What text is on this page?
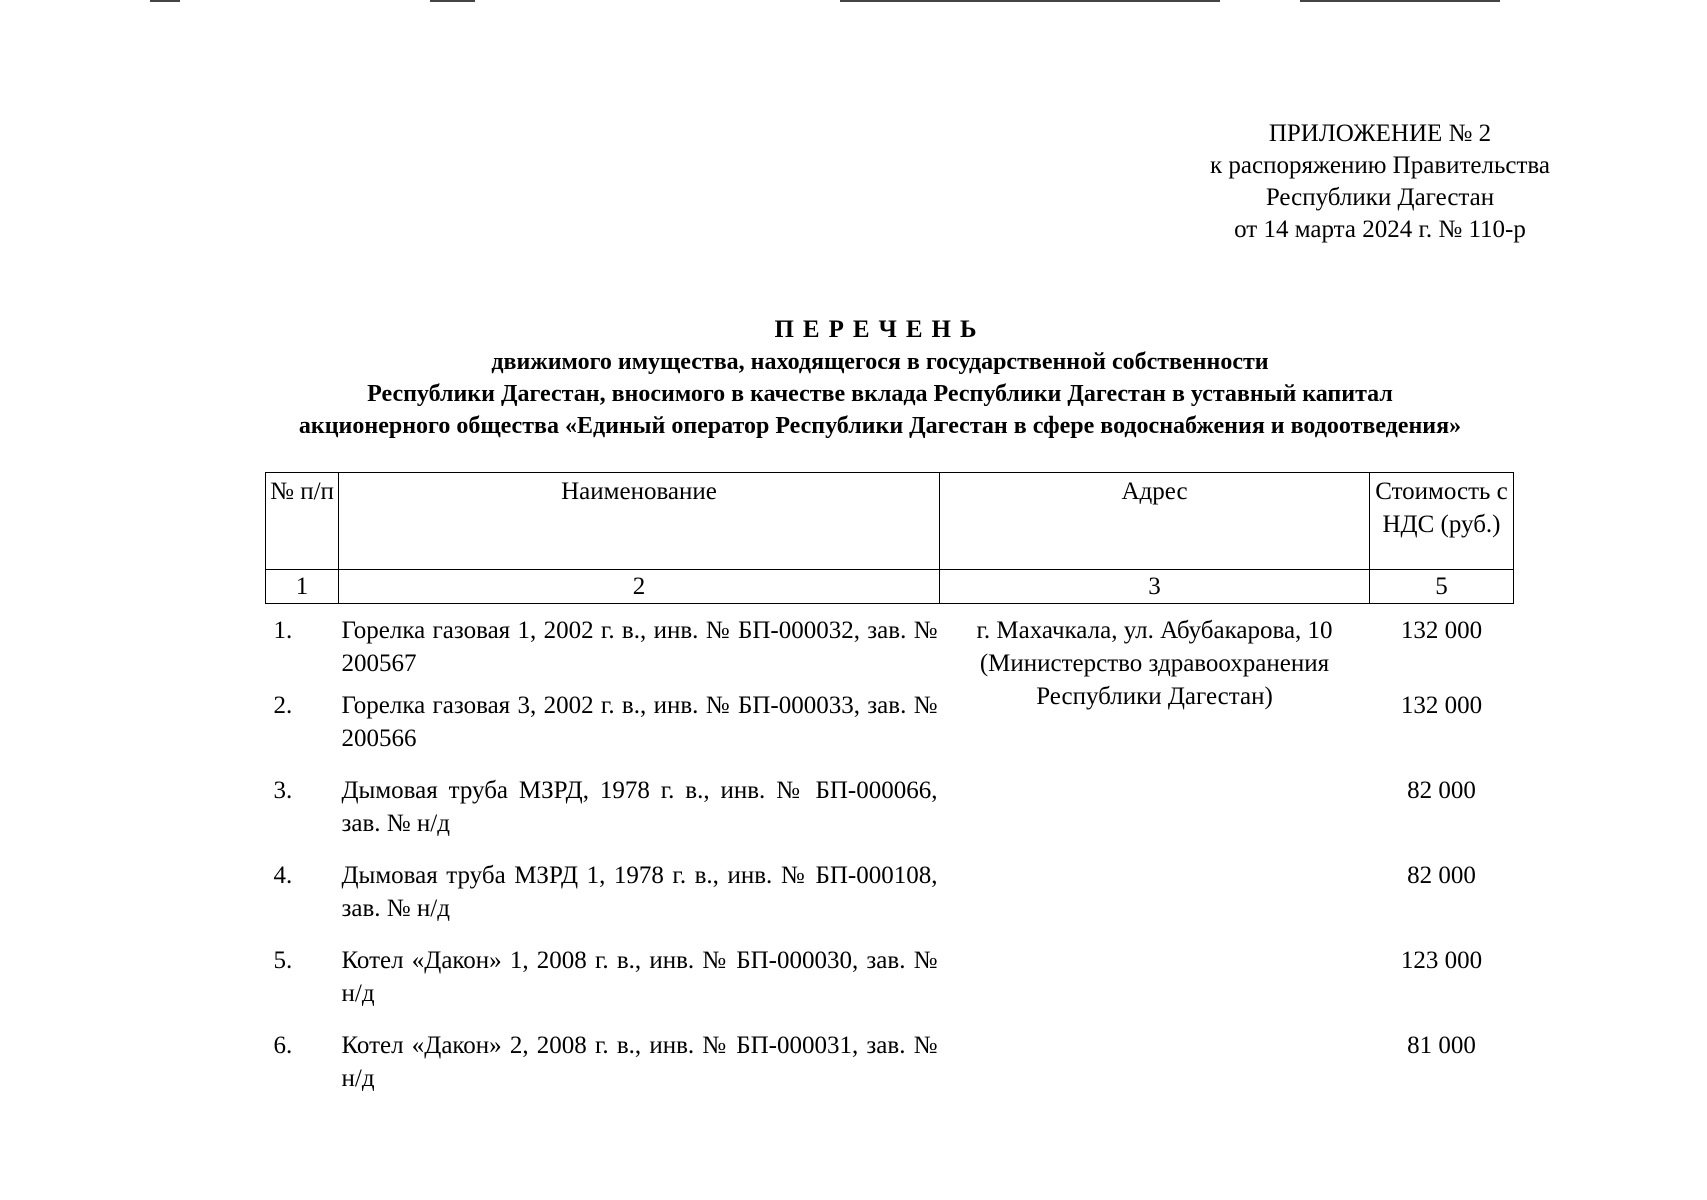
ПРИЛОЖЕНИЕ № 2
к распоряжению Правительства
Республики Дагестан
от 14 марта 2024 г. № 110-р
ПЕРЕЧЕНЬ
движимого имущества, находящегося в государственной собственности
Республики Дагестан, вносимого в качестве вклада Республики Дагестан в уставный капитал
акционерного общества «Единый оператор Республики Дагестан в сфере водоснабжения и водоотведения»
№ п/п	Наименование	Адрес	Стоимость с НДС (руб.)
1	2	3	5
1.	Горелка газовая 1, 2002 г. в., инв. № БП-000032, зав. № 200567	г. Махачкала, ул. Абубакарова, 10 (Министерство здравоохранения Республики Дагестан)	132 000
2.	Горелка газовая 3, 2002 г. в., инв. № БП-000033, зав. № 200566		132 000
3.	Дымовая труба МЗРД, 1978 г. в., инв. № БП-000066, зав. № н/д		82 000
4.	Дымовая труба МЗРД 1, 1978 г. в., инв. № БП-000108, зав. № н/д		82 000
5.	Котел «Дакон» 1, 2008 г. в., инв. № БП-000030, зав. № н/д		123 000
6.	Котел «Дакон» 2, 2008 г. в., инв. № БП-000031, зав. № н/д		81 000
